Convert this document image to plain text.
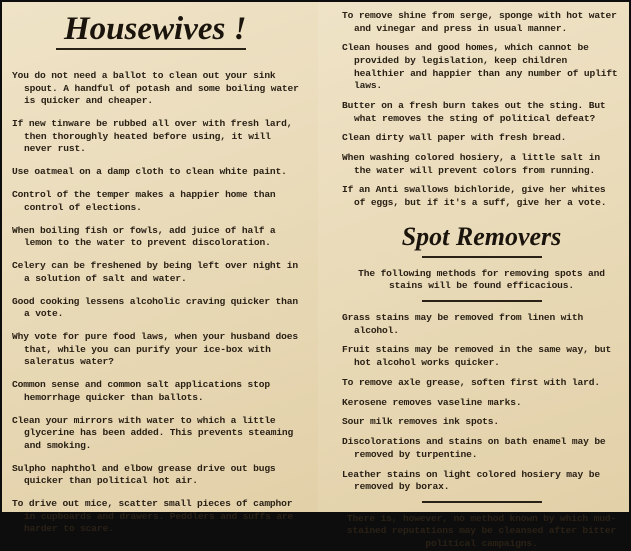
Housewives !

You do not need a ballot to clean out your sink spout. A handful of potash and some boiling water is quicker and cheaper.

If new tinware be rubbed all over with fresh lard, then thoroughly heated before using, it will never rust.

Use oatmeal on a damp cloth to clean white paint.

Control of the temper makes a happier home than control of elections.

When boiling fish or fowls, add juice of half a lemon to the water to prevent discoloration.

Celery can be freshened by being left over night in a solution of salt and water.

Good cooking lessens alcoholic craving quicker than a vote.

Why vote for pure food laws, when your husband does that, while you can purify your ice-box with saleratus water?

Common sense and common salt applications stop hemorrhage quicker than ballots.

Clean your mirrors with water to which a little glycerine has been added. This prevents steaming and smoking.

Sulpho naphthol and elbow grease drive out bugs quicker than political hot air.

To drive out mice, scatter small pieces of camphor in cupboards and drawers. Peddlers and suffs are harder to scare.

To remove shine from serge, sponge with hot water and vinegar and press in usual manner.

Clean houses and good homes, which cannot be provided by legislation, keep children healthier and happier than any number of uplift laws.

Butter on a fresh burn takes out the sting. But what removes the sting of political defeat?

Clean dirty wall paper with fresh bread.

When washing colored hosiery, a little salt in the water will prevent colors from running.

If an Anti swallows bichloride, give her whites of eggs, but if it's a suff, give her a vote.

Spot Removers

The following methods for removing spots and stains will be found efficacious.

Grass stains may be removed from linen with alcohol.

Fruit stains may be removed in the same way, but hot alcohol works quicker.

To remove axle grease, soften first with lard.

Kerosene removes vaseline marks.

Sour milk removes ink spots.

Discolorations and stains on bath enamel may be removed by turpentine.

Leather stains on light colored hosiery may be removed by borax.

There is, however, no method known by which mud-stained reputations may be cleansed after bitter political campaigns.
